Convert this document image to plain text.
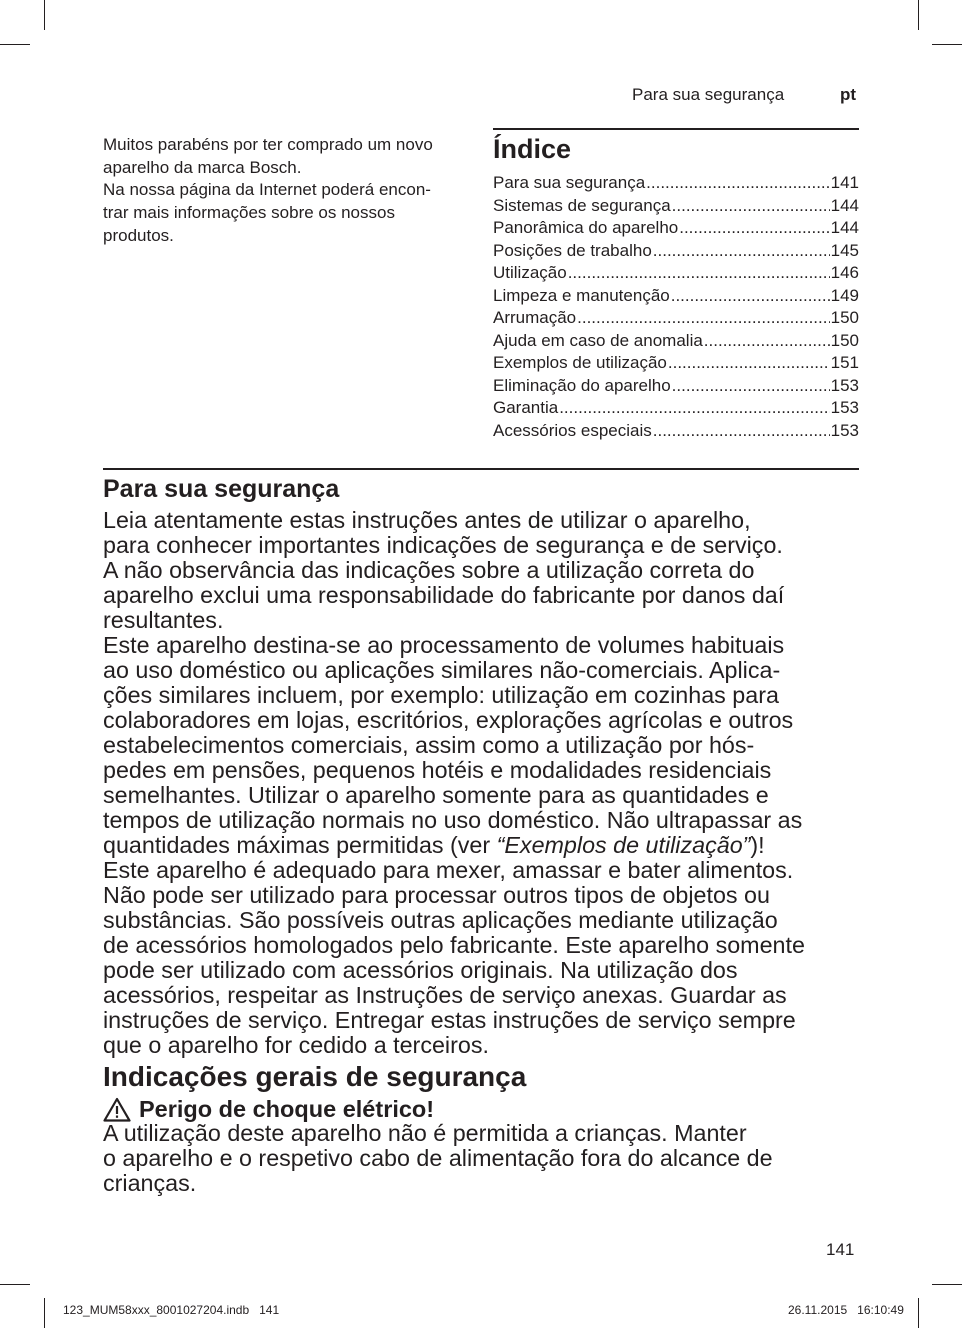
Para sua segurança	pt
Muitos parabéns por ter comprado um novo
aparelho da marca Bosch.
Na nossa página da Internet poderá encon-
trar mais informações sobre os nossos
produtos.
Índice
Para sua segurança .....	141
Sistemas de segurança .....	144
Panorâmica do aparelho .....	144
Posições de trabalho .....	145
Utilização .....	146
Limpeza e manutenção .....	149
Arrumação .....	150
Ajuda em caso de anomalia .....	150
Exemplos de utilização .....	151
Eliminação do aparelho .....	153
Garantia .....	153
Acessórios especiais .....	153
Para sua segurança
Leia atentamente estas instruções antes de utilizar o aparelho,
para conhecer importantes indicações de segurança e de serviço.
A não observância das indicações sobre a utilização correta do
aparelho exclui uma responsabilidade do fabricante por danos daí
resultantes.
Este aparelho destina-se ao processamento de volumes habituais
ao uso doméstico ou aplicações similares não-comerciais. Aplica-
ções similares incluem, por exemplo: utilização em cozinhas para
colaboradores em lojas, escritórios, explorações agrícolas e outros
estabelecimentos comerciais, assim como a utilização por hós-
pedes em pensões, pequenos hotéis e modalidades residenciais
semelhantes. Utilizar o aparelho somente para as quantidades e
tempos de utilização normais no uso doméstico. Não ultrapassar as
quantidades máximas permitidas (ver “Exemplos de utilização”)!
Este aparelho é adequado para mexer, amassar e bater alimentos.
Não pode ser utilizado para processar outros tipos de objetos ou
substâncias. São possíveis outras aplicações mediante utilização
de acessórios homologados pelo fabricante. Este aparelho somente
pode ser utilizado com acessórios originais. Na utilização dos
acessórios, respeitar as Instruções de serviço anexas. Guardar as
instruções de serviço. Entregar estas instruções de serviço sempre
que o aparelho for cedido a terceiros.
Indicações gerais de segurança
Perigo de choque elétrico!
A utilização deste aparelho não é permitida a crianças. Manter
o aparelho e o respetivo cabo de alimentação fora do alcance de
crianças.
141
123_MUM58xxx_8001027204.indb   141	26.11.2015   16:10:49
